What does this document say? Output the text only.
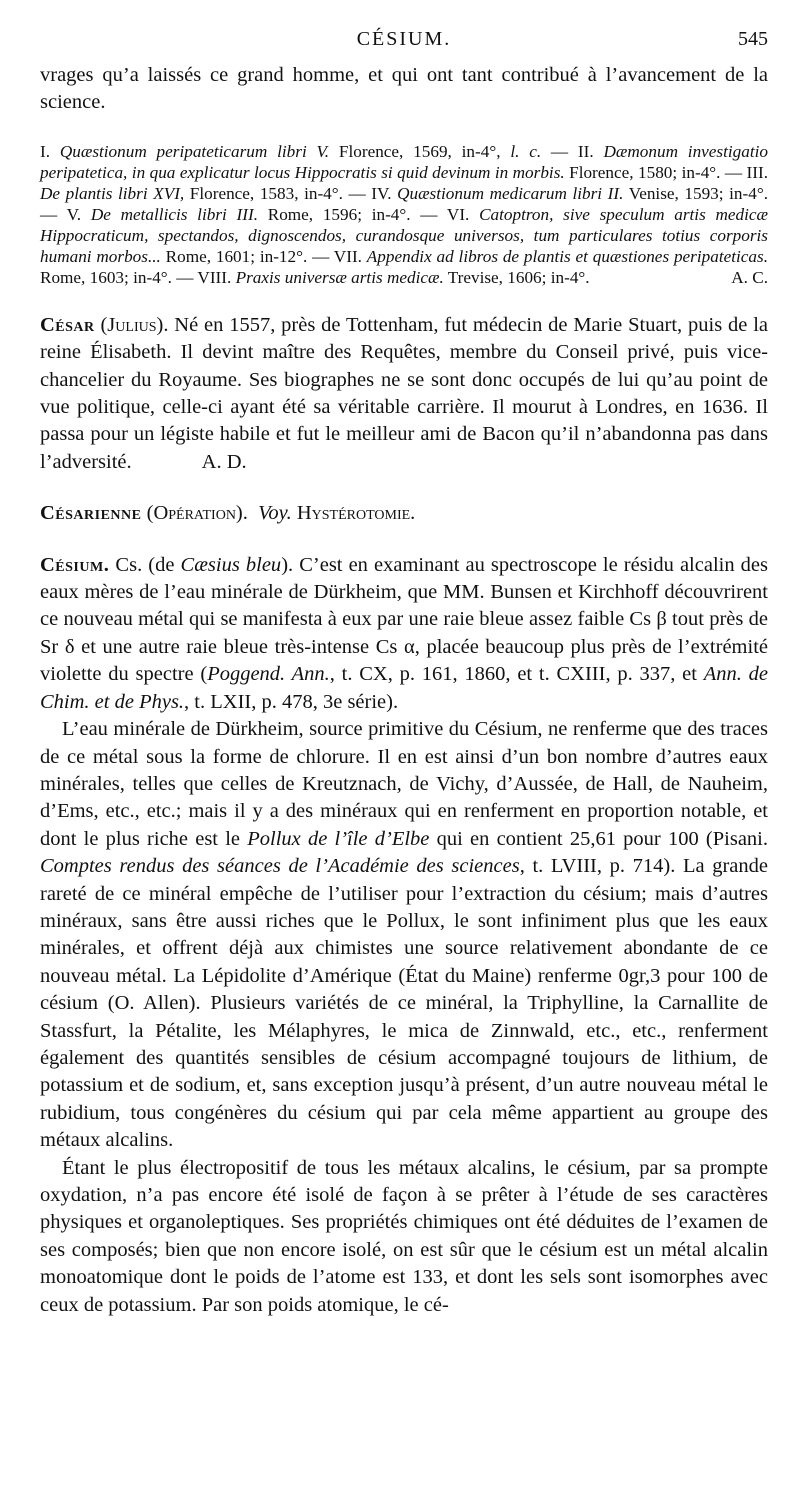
CÉSIUM.	545

vrages qu’a laissés ce grand homme, et qui ont tant contribué à l’avancement de la science.

I. Quæstionum peripateticarum libri V. Florence, 1569, in-4°, l. c. — II. Dæmonum investigatio peripatetica, in qua explicatur locus Hippocratis si quid devinum in morbis. Florence, 1580; in-4°. — III. De plantis libri XVI, Florence, 1583, in-4°. — IV. Quæstionum medicarum libri II. Venise, 1593; in-4°. — V. De metallicis libri III. Rome, 1596; in-4°. — VI. Catoptron, sive speculum artis medicæ Hippocraticum, spectandos, dignoscendos, curandosque universos, tum particulares totius corporis humani morbos... Rome, 1601; in-12°. — VII. Appendix ad libros de plantis et quæstiones peripateticas. Rome, 1603; in-4°. — VIII. Praxis universæ artis medicæ. Trevise, 1606; in-4°.	A. C.

César (Julius). Né en 1557, près de Tottenham, fut médecin de Marie Stuart, puis de la reine Élisabeth. Il devint maître des Requêtes, membre du Conseil privé, puis vice-chancelier du Royaume. Ses biographes ne se sont donc occupés de lui qu’au point de vue politique, celle-ci ayant été sa véritable carrière. Il mourut à Londres, en 1636. Il passa pour un légiste habile et fut le meilleur ami de Bacon qu’il n’abandonna pas dans l’adversité.	A. D.

Césarienne (Opération). Voy. Hystérotomie.

Césium. Cs. (de Cæsius bleu). C’est en examinant au spectroscope le résidu alcalin des eaux mères de l’eau minérale de Dürkheim, que MM. Bunsen et Kirchhoff découvrirent ce nouveau métal qui se manifesta à eux par une raie bleue assez faible Cs β tout près de Sr δ et une autre raie bleue très-intense Cs α, placée beaucoup plus près de l’extrémité violette du spectre (Poggend. Ann., t. CX, p. 161, 1860, et t. CXIII, p. 337, et Ann. de Chim. et de Phys., t. LXII, p. 478, 3e série).

L’eau minérale de Dürkheim, source primitive du Césium, ne renferme que des traces de ce métal sous la forme de chlorure. Il en est ainsi d’un bon nombre d’autres eaux minérales, telles que celles de Kreutznach, de Vichy, d’Aussée, de Hall, de Nauheim, d’Ems, etc., etc.; mais il y a des minéraux qui en renferment en proportion notable, et dont le plus riche est le Pollux de l’île d’Elbe qui en contient 25,61 pour 100 (Pisani. Comptes rendus des séances de l’Académie des sciences, t. LVIII, p. 714). La grande rareté de ce minéral empêche de l’utiliser pour l’extraction du césium; mais d’autres minéraux, sans être aussi riches que le Pollux, le sont infiniment plus que les eaux minérales, et offrent déjà aux chimistes une source relativement abondante de ce nouveau métal. La Lépidolite d’Amérique (État du Maine) renferme 0gr,3 pour 100 de césium (O. Allen). Plusieurs variétés de ce minéral, la Triphylline, la Carnallite de Stassfurt, la Pétalite, les Mélaphyres, le mica de Zinnwald, etc., etc., renferment également des quantités sensibles de césium accompagné toujours de lithium, de potassium et de sodium, et, sans exception jusqu’à présent, d’un autre nouveau métal le rubidium, tous congénères du césium qui par cela même appartient au groupe des métaux alcalins.

Étant le plus électropositif de tous les métaux alcalins, le césium, par sa prompte oxydation, n’a pas encore été isolé de façon à se prêter à l’étude de ses caractères physiques et organoleptiques. Ses propriétés chimiques ont été déduites de l’examen de ses composés; bien que non encore isolé, on est sûr que le césium est un métal alcalin monoatomique dont le poids de l’atome est 133, et dont les sels sont isomorphes avec ceux de potassium. Par son poids atomique, le cé-
